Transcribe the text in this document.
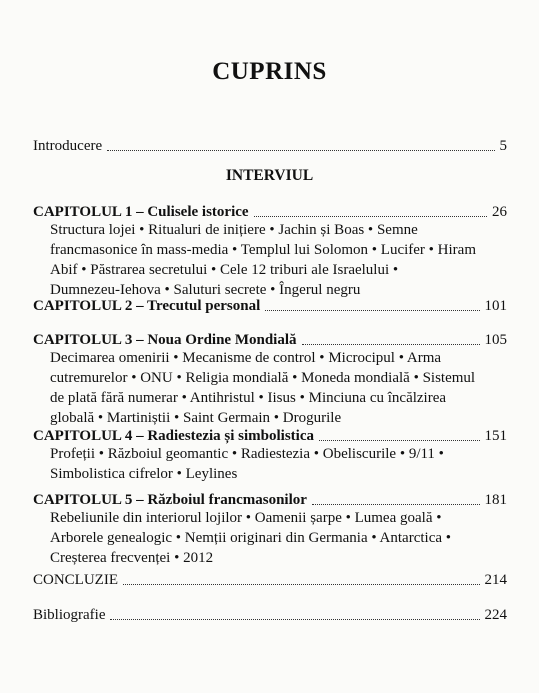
CUPRINS
Introducere	5
INTERVIUL
CAPITOLUL 1 – Culisele istorice	26
Structura lojei • Ritualuri de inițiere • Jachin și Boas • Semne
francmasonice în mass-media • Templul lui Solomon • Lucifer • Hiram
Abif • Păstrarea secretului • Cele 12 triburi ale Israelului •
Dumnezeu-Iehova • Saluturi secrete • Îngerul negru
CAPITOLUL 2 – Trecutul personal	101
CAPITOLUL 3 – Noua Ordine Mondială	105
Decimarea omenirii • Mecanisme de control • Microcipul • Arma
cutremurelor • ONU • Religia mondială • Moneda mondială • Sistemul
de plată fără numerar • Antihristul • Iisus • Minciuna cu încălzirea
globală • Martiniștii • Saint Germain • Drogurile
CAPITOLUL 4 – Radiestezia și simbolistica	151
Profeții • Războiul geomantic • Radiestezia • Obeliscurile • 9/11 •
Simbolistica cifrelor • Leylines
CAPITOLUL 5 – Războiul francmasonilor	181
Rebeliunile din interiorul lojilor • Oamenii șarpe • Lumea goală •
Arborele genealogic • Nemții originari din Germania • Antarctica •
Creșterea frecvenței • 2012
CONCLUZIE	214
Bibliografie	224
